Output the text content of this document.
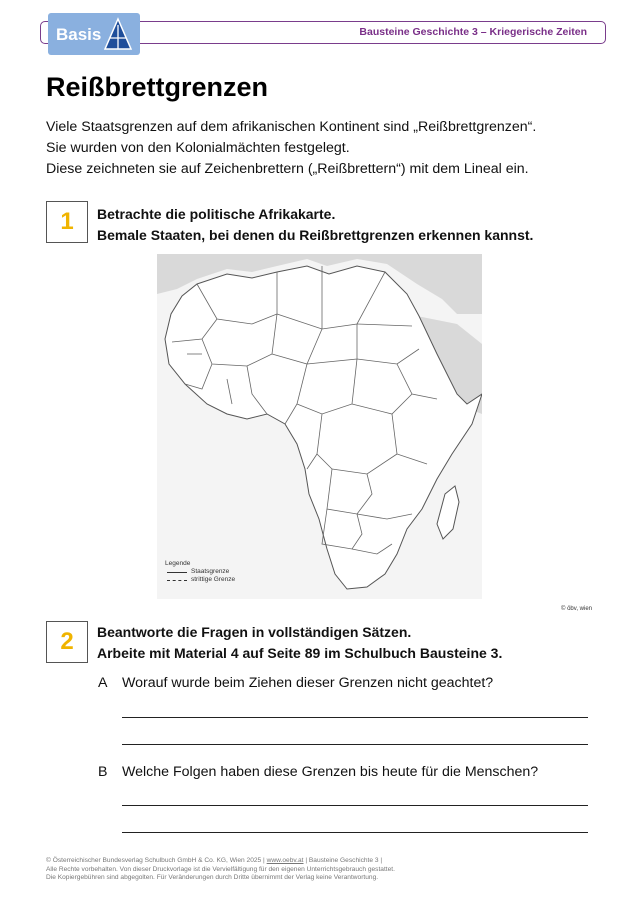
Bausteine Geschichte 3 – Kriegerische Zeiten
Basis
Reißbrettgrenzen
Viele Staatsgrenzen auf dem afrikanischen Kontinent sind „Reißbrettgrenzen“.
Sie wurden von den Kolonialmächten festgelegt.
Diese zeichneten sie auf Zeichenbrettern („Reißbrettern“) mit dem Lineal ein.
1 Betrachte die politische Afrikakarte.
Bemale Staaten, bei denen du Reißbrettgrenzen erkennen kannst.
Legende
Staatsgrenze
strittige Grenze
© öbv, wien
2 Beantworte die Fragen in vollständigen Sätzen.
Arbeite mit Material 4 auf Seite 89 im Schulbuch Bausteine 3.
A Worauf wurde beim Ziehen dieser Grenzen nicht geachtet?
B Welche Folgen haben diese Grenzen bis heute für die Menschen?
© Österreichischer Bundesverlag Schulbuch GmbH & Co. KG, Wien 2025 | www.oebv.at | Bausteine Geschichte 3 |
Alle Rechte vorbehalten. Von dieser Druckvorlage ist die Vervielfältigung für den eigenen Unterrichtsgebrauch gestattet.
Die Kopiergebühren sind abgegolten. Für Veränderungen durch Dritte übernimmt der Verlag keine Verantwortung.
